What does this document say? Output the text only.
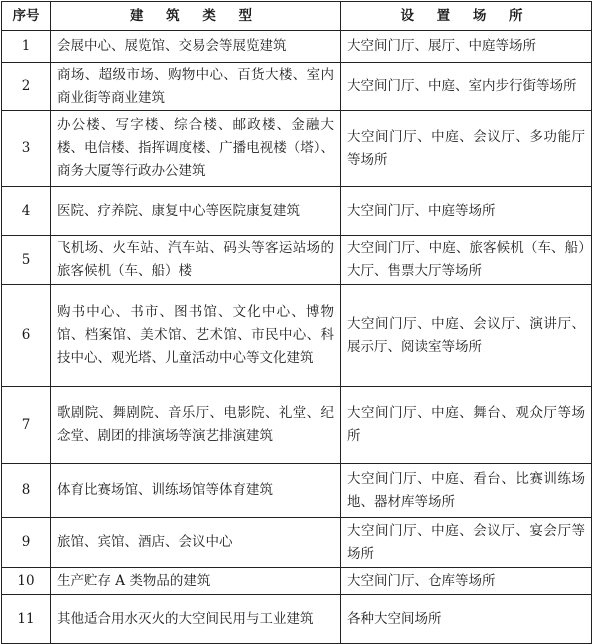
序号	建 筑 类 型	设 置 场 所
1	会展中心、展览馆、交易会等展览建筑	大空间门厅、展厅、中庭等场所
2	商场、超级市场、购物中心、百货大楼、室内商业街等商业建筑	大空间门厅、中庭、室内步行街等场所
3	办公楼、写字楼、综合楼、邮政楼、金融大楼、电信楼、指挥调度楼、广播电视楼（塔）、商务大厦等行政办公建筑	大空间门厅、中庭、会议厅、多功能厅等场所
4	医院、疗养院、康复中心等医院康复建筑	大空间门厅、中庭等场所
5	飞机场、火车站、汽车站、码头等客运站场的旅客候机（车、船）楼	大空间门厅、中庭、旅客候机（车、船）大厅、售票大厅等场所
6	购书中心、书市、图书馆、文化中心、博物馆、档案馆、美术馆、艺术馆、市民中心、科技中心、观光塔、儿童活动中心等文化建筑	大空间门厅、中庭、会议厅、演讲厅、展示厅、阅读室等场所
7	歌剧院、舞剧院、音乐厅、电影院、礼堂、纪念堂、剧团的排演场等演艺排演建筑	大空间门厅、中庭、舞台、观众厅等场所
8	体育比赛场馆、训练场馆等体育建筑	大空间门厅、中庭、看台、比赛训练场地、器材库等场所
9	旅馆、宾馆、酒店、会议中心	大空间门厅、中庭、会议厅、宴会厅等场所
10	生产贮存 A 类物品的建筑	大空间门厅、仓库等场所
11	其他适合用水灭火的大空间民用与工业建筑	各种大空间场所
